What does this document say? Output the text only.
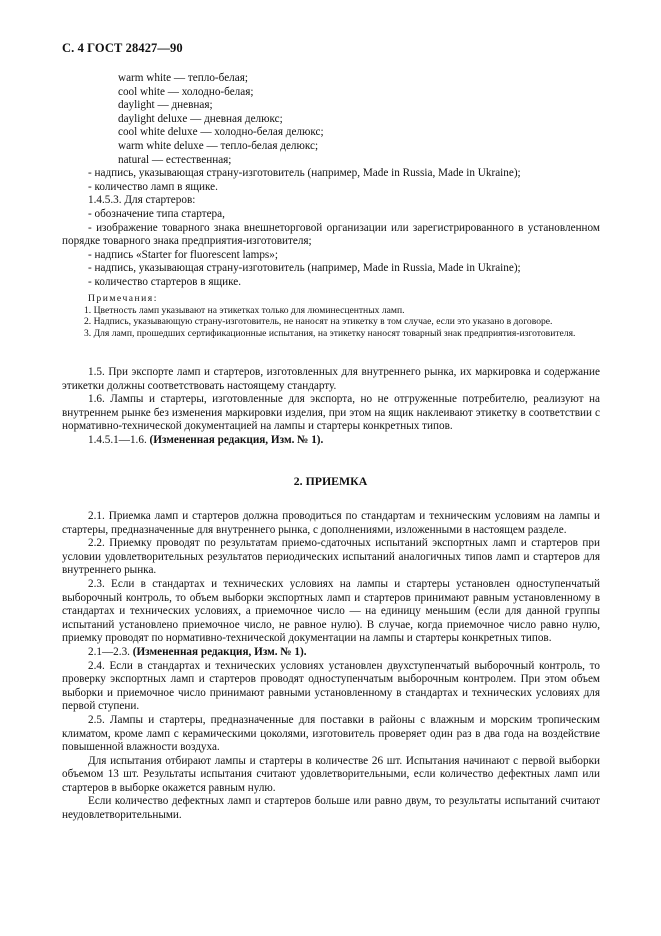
С. 4 ГОСТ 28427—90
warm white — тепло-белая;
cool white — холодно-белая;
daylight — дневная;
daylight deluxe — дневная делюкс;
cool white deluxe — холодно-белая делюкс;
warm white deluxe — тепло-белая делюкс;
natural — естественная;
- надпись, указывающая страну-изготовитель (например, Made in Russia, Made in Ukraine);
- количество ламп в ящике.
1.4.5.3. Для стартеров:
- обозначение типа стартера,
- изображение товарного знака внешнеторговой организации или зарегистрированного в установленном порядке товарного знака предприятия-изготовителя;
- надпись «Starter for fluorescent lamps»;
- надпись, указывающая страну-изготовитель (например, Made in Russia, Made in Ukraine);
- количество стартеров в ящике.
Примечания:

1. Цветность ламп указывают на этикетках только для люминесцентных ламп.

2. Надпись, указывающую страну-изготовитель, не наносят на этикетку в том случае, если это указано в договоре.

3. Для ламп, прошедших сертификационные испытания, на этикетку наносят товарный знак предприятия-изготовителя.

1.5. При экспорте ламп и стартеров, изготовленных для внутреннего рынка, их маркировка и содержание этикетки должны соответствовать настоящему стандарту.

1.6. Лампы и стартеры, изготовленные для экспорта, но не отгруженные потребителю, реализуют на внутреннем рынке без изменения маркировки изделия, при этом на ящик наклеивают этикетку в соответствии с нормативно-технической документацией на лампы и стартеры конкретных типов.

1.4.5.1—1.6. (Измененная редакция, Изм. № 1).

2. ПРИЕМКА

2.1. Приемка ламп и стартеров должна проводиться по стандартам и техническим условиям на лампы и стартеры, предназначенные для внутреннего рынка, с дополнениями, изложенными в настоящем разделе.

2.2. Приемку проводят по результатам приемо-сдаточных испытаний экспортных ламп и стартеров при условии удовлетворительных результатов периодических испытаний аналогичных типов ламп и стартеров для внутреннего рынка.

2.3. Если в стандартах и технических условиях на лампы и стартеры установлен одноступенчатый выборочный контроль, то объем выборки экспортных ламп и стартеров принимают равным установленному в стандартах и технических условиях, а приемочное число — на единицу меньшим (если для данной группы испытаний установлено приемочное число, не равное нулю). В случае, когда приемочное число равно нулю, приемку проводят по нормативно-технической документации на лампы и стартеры конкретных типов.

2.1—2.3. (Измененная редакция, Изм. № 1).

2.4. Если в стандартах и технических условиях установлен двухступенчатый выборочный контроль, то проверку экспортных ламп и стартеров проводят одноступенчатым выборочным контролем. При этом объем выборки и приемочное число принимают равными установленному в стандартах и технических условиях для первой ступени.

2.5. Лампы и стартеры, предназначенные для поставки в районы с влажным и морским тропическим климатом, кроме ламп с керамическими цоколями, изготовитель проверяет один раз в два года на воздействие повышенной влажности воздуха.

Для испытания отбирают лампы и стартеры в количестве 26 шт. Испытания начинают с первой выборки объемом 13 шт. Результаты испытания считают удовлетворительными, если количество дефектных ламп или стартеров в выборке окажется равным нулю.

Если количество дефектных ламп и стартеров больше или равно двум, то результаты испытаний считают неудовлетворительными.
